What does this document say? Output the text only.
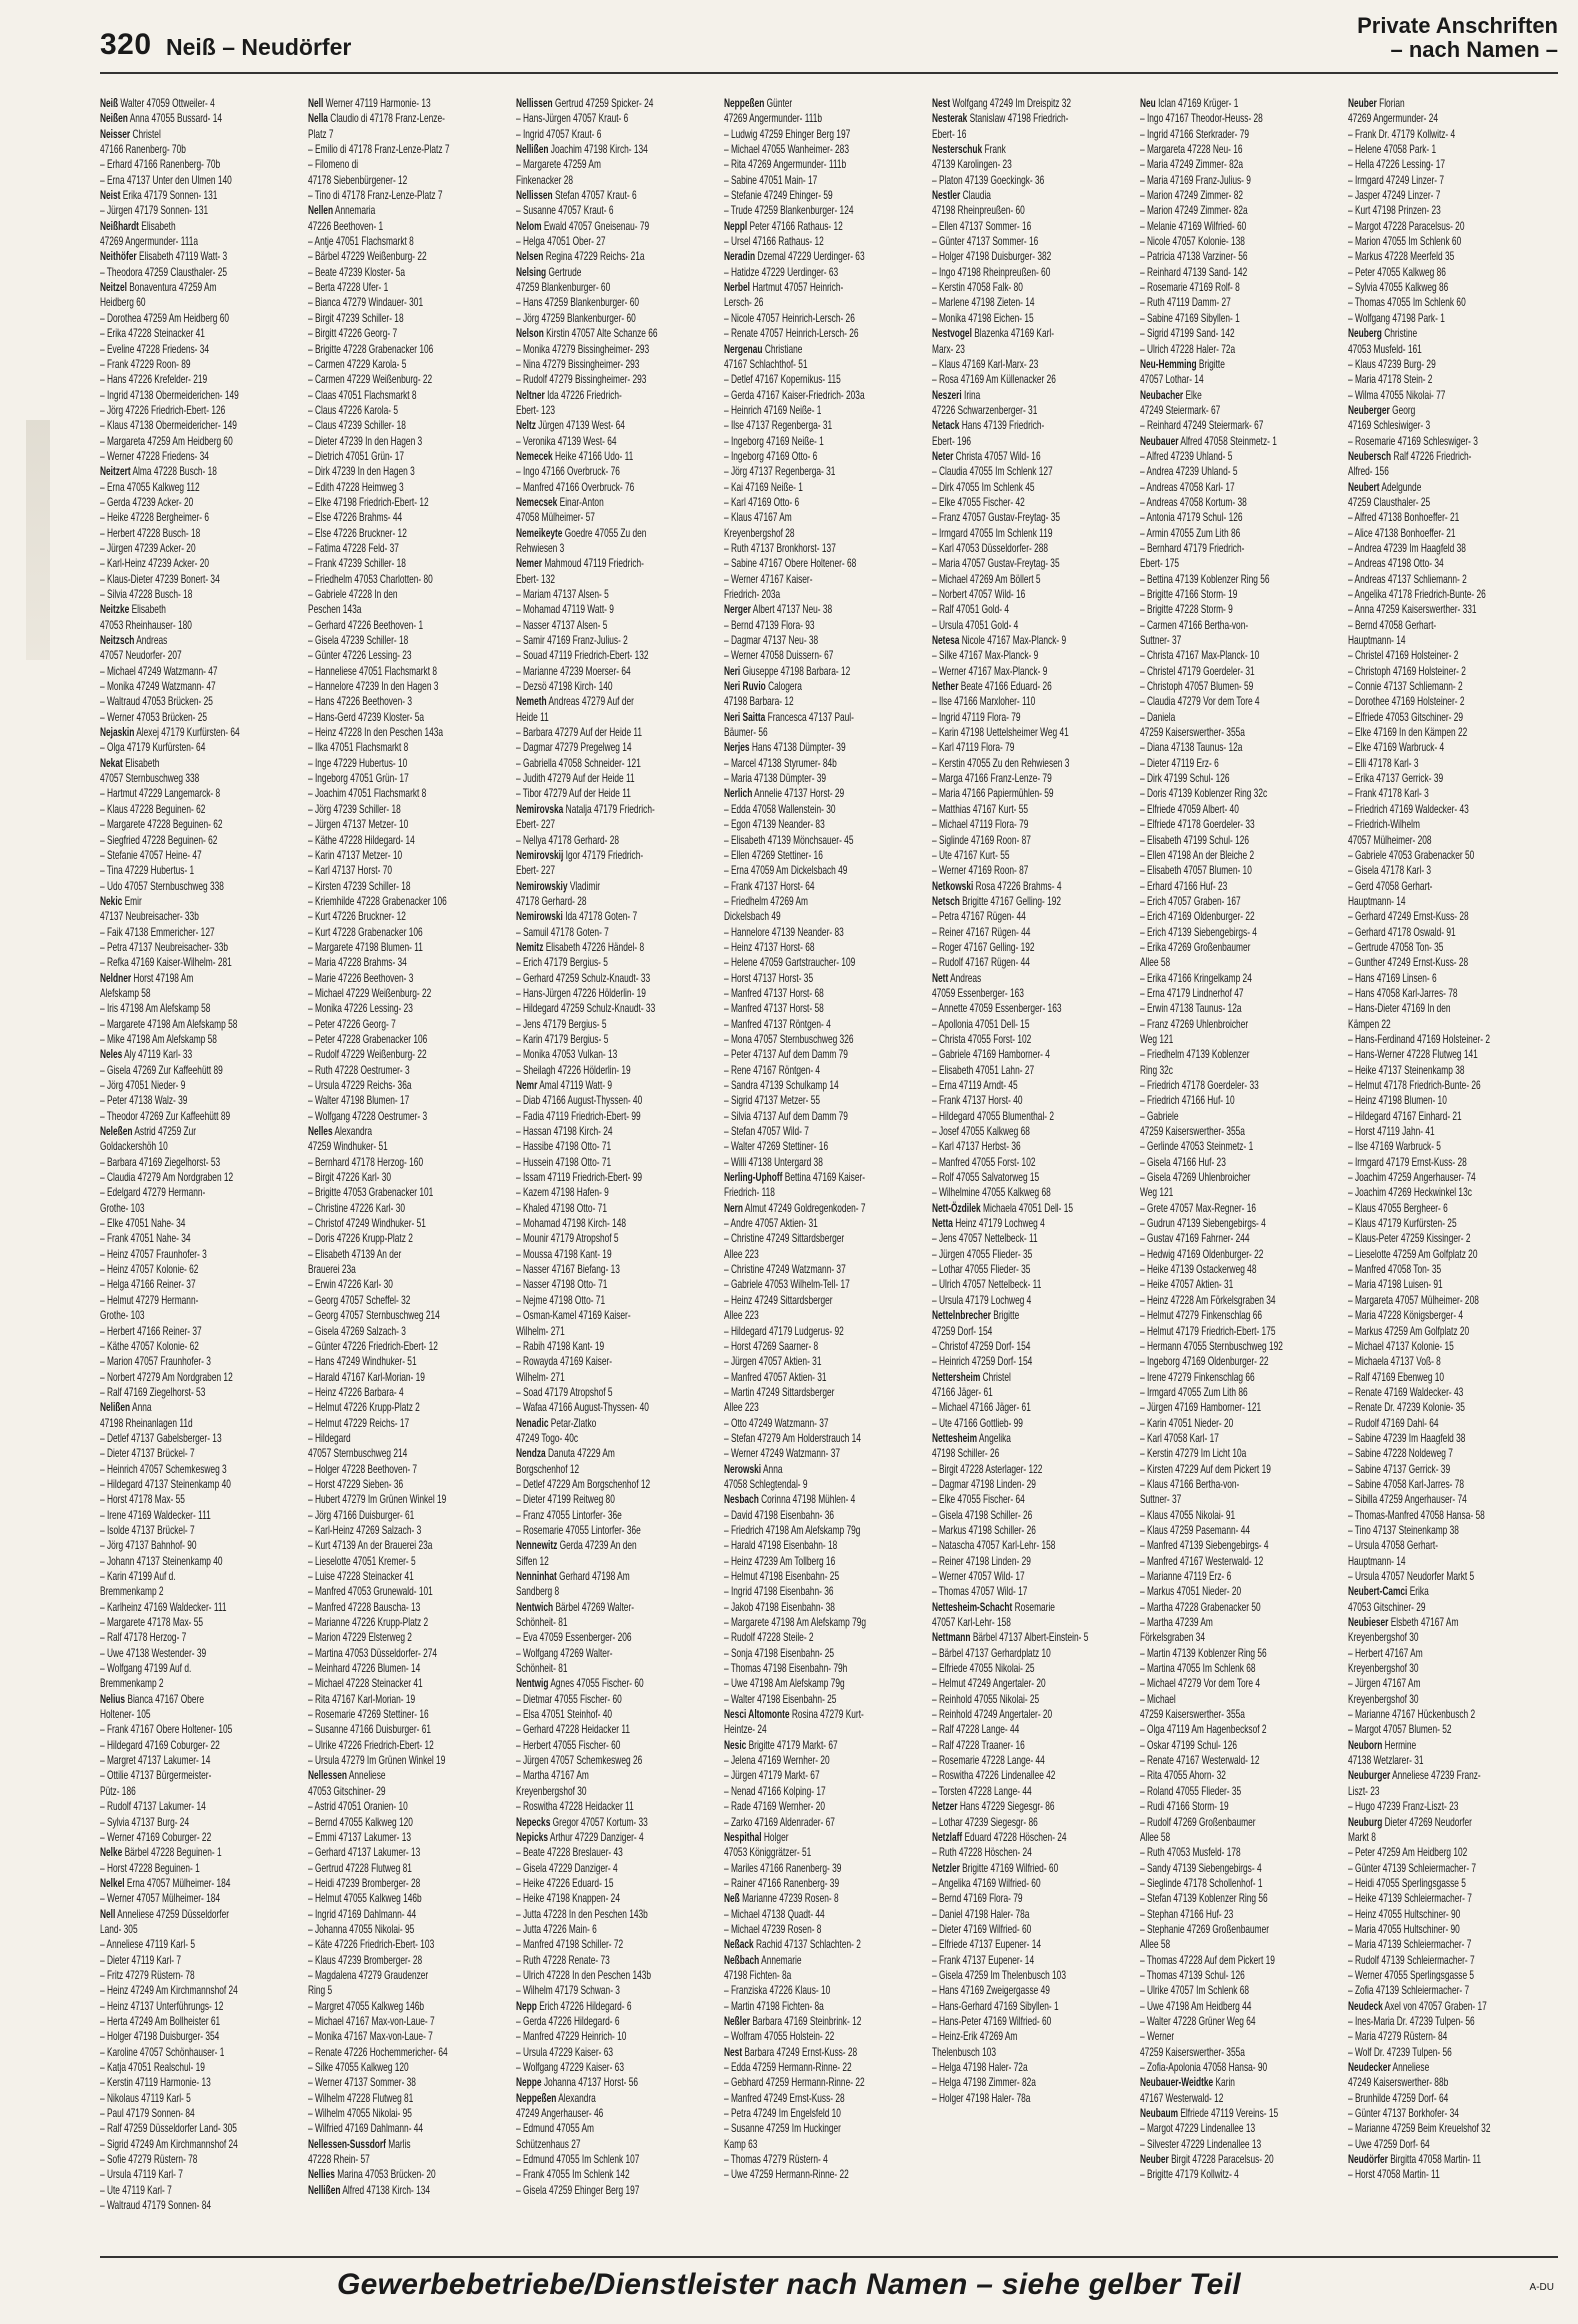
320 Neiß – Neudörfer
Private Anschriften
– nach Namen –
Neiß Walter 47059 Ottweiler- 4
Neißen Anna 47055 Bussard- 14
Neisser Christel
47166 Ranenberg- 70b
– Erhard 47166 Ranenberg- 70b
– Erna 47137 Unter den Ulmen 140
Neist Erika 47179 Sonnen- 131
– Jürgen 47179 Sonnen- 131
Neißhardt Elisabeth
47269 Angermunder- 111a
Neithöfer Elisabeth 47119 Watt- 3
– Theodora 47259 Clausthaler- 25
Neitzel Bonaventura 47259 Am
Heidberg 60
– Dorothea 47259 Am Heidberg 60
– Erika 47228 Steinacker 41
– Eveline 47228 Friedens- 34
– Frank 47229 Roon- 89
– Hans 47226 Krefelder- 219
– Ingrid 47138 Obermeiderichen- 149
– Jörg 47226 Friedrich-Ebert- 126
– Klaus 47138 Obermeidericher- 149
– Margareta 47259 Am Heidberg 60
– Werner 47228 Friedens- 34
Neitzert Alma 47228 Busch- 18
– Erna 47055 Kalkweg 112
– Gerda 47239 Acker- 20
– Heike 47228 Bergheimer- 6
– Herbert 47228 Busch- 18
– Jürgen 47239 Acker- 20
– Karl-Heinz 47239 Acker- 20
– Klaus-Dieter 47239 Bonert- 34
– Silvia 47228 Busch- 18
Neitzke Elisabeth
47053 Rheinhauser- 180
Neitzsch Andreas
47057 Neudorfer- 207
– Michael 47249 Watzmann- 47
– Monika 47249 Watzmann- 47
– Waltraud 47053 Brücken- 25
– Werner 47053 Brücken- 25
Nejaskin Alexej 47179 Kurfürsten- 64
– Olga 47179 Kurfürsten- 64
Nekat Elisabeth
47057 Sternbuschweg 338
– Hartmut 47229 Langemarck- 8
– Klaus 47228 Beguinen- 62
– Margarete 47228 Beguinen- 62
– Siegfried 47228 Beguinen- 62
– Stefanie 47057 Heine- 47
– Tina 47229 Hubertus- 1
– Udo 47057 Sternbuschweg 338
Nekic Emir
47137 Neubreisacher- 33b
– Faik 47138 Emmericher- 127
– Petra 47137 Neubreisacher- 33b
– Refka 47169 Kaiser-Wilhelm- 281
Neldner Horst 47198 Am
Alefskamp 58
– Iris 47198 Am Alefskamp 58
– Margarete 47198 Am Alefskamp 58
– Mike 47198 Am Alefskamp 58
Neles Aly 47119 Karl- 33
– Gisela 47269 Zur Kaffeehütt 89
– Jörg 47051 Nieder- 9
– Peter 47138 Walz- 39
– Theodor 47269 Zur Kaffeehütt 89
Neleßen Astrid 47259 Zur
Goldackershöh 10
– Barbara 47169 Ziegelhorst- 53
– Claudia 47279 Am Nordgraben 12
– Edelgard 47279 Hermann-
Grothe- 103
– Elke 47051 Nahe- 34
– Frank 47051 Nahe- 34
– Heinz 47057 Fraunhofer- 3
– Heinz 47057 Kolonie- 62
– Helga 47166 Reiner- 37
– Helmut 47279 Hermann-
Grothe- 103
– Herbert 47166 Reiner- 37
– Käthe 47057 Kolonie- 62
– Marion 47057 Fraunhofer- 3
– Norbert 47279 Am Nordgraben 12
– Ralf 47169 Ziegelhorst- 53
Nelißen Anna
47198 Rheinanlagen 11d
– Detlef 47137 Gabelsberger- 13
– Dieter 47137 Brückel- 7
– Heinrich 47057 Schemkesweg 3
– Hildegard 47137 Steinenkamp 40
– Horst 47178 Max- 55
– Irene 47169 Waldecker- 111
– Isolde 47137 Brückel- 7
– Jörg 47137 Bahnhof- 90
– Johann 47137 Steinenkamp 40
– Karin 47199 Auf d.
Bremmenkamp 2
– Karlheinz 47169 Waldecker- 111
– Margarete 47178 Max- 55
– Ralf 47178 Herzog- 7
– Uwe 47138 Westender- 39
– Wolfgang 47199 Auf d.
Bremmenkamp 2
Nelius Bianca 47167 Obere
Holtener- 105
– Frank 47167 Obere Holtener- 105
– Hildegard 47169 Coburger- 22
– Margret 47137 Lakumer- 14
– Ottilie 47137 Bürgermeister-
Pütz- 186
– Rudolf 47137 Lakumer- 14
– Sylvia 47137 Burg- 24
– Werner 47169 Coburger- 22
Nelke Bärbel 47228 Beguinen- 1
– Horst 47228 Beguinen- 1
Nelkel Erna 47057 Mülheimer- 184
– Werner 47057 Mülheimer- 184
Nell Anneliese 47259 Düsseldorfer
Land- 305
– Anneliese 47119 Karl- 5
– Dieter 47119 Karl- 7
– Fritz 47279 Rüstern- 78
– Heinz 47249 Am Kirchmannshof 24
– Heinz 47137 Unterführungs- 12
– Herta 47249 Am Bollheister 61
– Holger 47198 Duisburger- 354
– Karoline 47057 Schönhauser- 1
– Katja 47051 Realschul- 19
– Kerstin 47119 Harmonie- 13
– Nikolaus 47119 Karl- 5
– Paul 47179 Sonnen- 84
– Ralf 47259 Düsseldorfer Land- 305
– Sigrid 47249 Am Kirchmannshof 24
– Sofie 47279 Rüstern- 78
– Ursula 47119 Karl- 7
– Ute 47119 Karl- 7
– Waltraud 47179 Sonnen- 84
Nell Werner 47119 Harmonie- 13
Nella Claudio di 47178 Franz-Lenze-
Platz 7
– Emilio di 47178 Franz-Lenze-Platz 7
– Filomeno di
47178 Siebenbürgener- 12
– Tino di 47178 Franz-Lenze-Platz 7
Nellen Annemaria
47226 Beethoven- 1
– Antje 47051 Flachsmarkt 8
– Bärbel 47229 Weißenburg- 22
– Beate 47239 Kloster- 5a
– Berta 47228 Ufer- 1
– Bianca 47279 Windauer- 301
– Birgit 47239 Schiller- 18
– Birgitt 47226 Georg- 7
– Brigitte 47228 Grabenacker 106
– Carmen 47229 Karola- 5
– Carmen 47229 Weißenburg- 22
– Claas 47051 Flachsmarkt 8
– Claus 47226 Karola- 5
– Claus 47239 Schiller- 18
– Dieter 47239 In den Hagen 3
– Dietrich 47051 Grün- 17
– Dirk 47239 In den Hagen 3
– Edith 47228 Heimweg 3
– Elke 47198 Friedrich-Ebert- 12
– Else 47226 Brahms- 44
– Else 47226 Bruckner- 12
– Fatima 47228 Feld- 37
– Frank 47239 Schiller- 18
– Friedhelm 47053 Charlotten- 80
– Gabriele 47228 In den
Peschen 143a
– Gerhard 47226 Beethoven- 1
– Gisela 47239 Schiller- 18
– Günter 47226 Lessing- 23
– Hanneliese 47051 Flachsmarkt 8
– Hannelore 47239 In den Hagen 3
– Hans 47226 Beethoven- 3
– Hans-Gerd 47239 Kloster- 5a
– Heinz 47228 In den Peschen 143a
– Ilka 47051 Flachsmarkt 8
– Inge 47229 Hubertus- 10
– Ingeborg 47051 Grün- 17
– Joachim 47051 Flachsmarkt 8
– Jörg 47239 Schiller- 18
– Jürgen 47137 Metzer- 10
– Käthe 47228 Hildegard- 14
– Karin 47137 Metzer- 10
– Karl 47137 Horst- 70
– Kirsten 47239 Schiller- 18
– Kriemhilde 47228 Grabenacker 106
– Kurt 47226 Bruckner- 12
– Kurt 47228 Grabenacker 106
– Margarete 47198 Blumen- 11
– Maria 47228 Brahms- 34
– Marie 47226 Beethoven- 3
– Michael 47229 Weißenburg- 22
– Monika 47226 Lessing- 23
– Peter 47226 Georg- 7
– Peter 47228 Grabenacker 106
– Rudolf 47229 Weißenburg- 22
– Ruth 47228 Oestrumer- 3
– Ursula 47229 Reichs- 36a
– Walter 47198 Blumen- 17
– Wolfgang 47228 Oestrumer- 3
Nelles Alexandra
47259 Windhuker- 51
– Bernhard 47178 Herzog- 160
– Birgit 47226 Karl- 30
– Brigitte 47053 Grabenacker 101
– Christine 47226 Karl- 30
– Christof 47249 Windhuker- 51
– Doris 47226 Krupp-Platz 2
– Elisabeth 47139 An der
Brauerei 23a
– Erwin 47226 Karl- 30
– Georg 47057 Scheffel- 32
– Georg 47057 Sternbuschweg 214
– Gisela 47269 Salzach- 3
– Günter 47226 Friedrich-Ebert- 12
– Hans 47249 Windhuker- 51
– Harald 47167 Karl-Morian- 19
– Heinz 47226 Barbara- 4
– Helmut 47226 Krupp-Platz 2
– Helmut 47229 Reichs- 17
– Hildegard
47057 Sternbuschweg 214
– Holger 47228 Beethoven- 7
– Horst 47229 Sieben- 36
– Hubert 47279 Im Grünen Winkel 19
– Jörg 47166 Duisburger- 61
– Karl-Heinz 47269 Salzach- 3
– Kurt 47139 An der Brauerei 23a
– Lieselotte 47051 Kremer- 5
– Luise 47228 Steinacker 41
– Manfred 47053 Grunewald- 101
– Manfred 47228 Bauscha- 13
– Marianne 47226 Krupp-Platz 2
– Marion 47229 Elsterweg 2
– Martina 47053 Düsseldorfer- 274
– Meinhard 47226 Blumen- 14
– Michael 47228 Steinacker 41
– Rita 47167 Karl-Morian- 19
– Rosemarie 47269 Stettiner- 16
– Susanne 47166 Duisburger- 61
– Ulrike 47226 Friedrich-Ebert- 12
– Ursula 47279 Im Grünen Winkel 19
Nellessen Anneliese
47053 Gitschiner- 29
– Astrid 47051 Oranien- 10
– Bernd 47055 Kalkweg 120
– Emmi 47137 Lakumer- 13
– Gerhard 47137 Lakumer- 13
– Gertrud 47228 Flutweg 81
– Heidi 47239 Bromberger- 28
– Helmut 47055 Kalkweg 146b
– Ingrid 47169 Dahlmann- 44
– Johanna 47055 Nikolai- 95
– Käte 47226 Friedrich-Ebert- 103
– Klaus 47239 Bromberger- 28
– Magdalena 47279 Graudenzer
Ring 5
– Margret 47055 Kalkweg 146b
– Michael 47167 Max-von-Laue- 7
– Monika 47167 Max-von-Laue- 7
– Renate 47226 Hochemmericher- 64
– Silke 47055 Kalkweg 120
– Werner 47137 Sommer- 38
– Wilhelm 47228 Flutweg 81
– Wilhelm 47055 Nikolai- 95
– Wilfried 47169 Dahlmann- 44
Nellessen-Sussdorf Marlis
47228 Rhein- 57
Nellies Marina 47053 Brücken- 20
Nellißen Alfred 47138 Kirch- 134
Nellissen Gertrud 47259 Spicker- 24
– Hans-Jürgen 47057 Kraut- 6
– Ingrid 47057 Kraut- 6
Nellißen Joachim 47198 Kirch- 134
– Margarete 47259 Am
Finkenacker 28
Nellissen Stefan 47057 Kraut- 6
– Susanne 47057 Kraut- 6
Nelom Ewald 47057 Gneisenau- 79
– Helga 47051 Ober- 27
Nelsen Regina 47229 Reichs- 21a
Nelsing Gertrude
47259 Blankenburger- 60
– Hans 47259 Blankenburger- 60
– Jörg 47259 Blankenburger- 60
Nelson Kirstin 47057 Alte Schanze 66
– Monika 47279 Bissingheimer- 293
– Nina 47279 Bissingheimer- 293
– Rudolf 47279 Bissingheimer- 293
Neltner Ida 47226 Friedrich-
Ebert- 123
Neltz Jürgen 47139 West- 64
– Veronika 47139 West- 64
Nemecek Heike 47166 Udo- 11
– Ingo 47166 Overbruck- 76
– Manfred 47166 Overbruck- 76
Nemecsek Einar-Anton
47058 Mülheimer- 57
Nemeikeyte Goedre 47055 Zu den
Rehwiesen 3
Nemer Mahmoud 47119 Friedrich-
Ebert- 132
– Mariam 47137 Alsen- 5
– Mohamad 47119 Watt- 9
– Nasser 47137 Alsen- 5
– Samir 47169 Franz-Julius- 2
– Souad 47119 Friedrich-Ebert- 132
– Marianne 47239 Moerser- 64
– Dezsö 47198 Kirch- 140
Nemeth Andreas 47279 Auf der
Heide 11
– Barbara 47279 Auf der Heide 11
– Dagmar 47279 Pregelweg 14
– Gabriella 47058 Schneider- 121
– Judith 47279 Auf der Heide 11
– Tibor 47279 Auf der Heide 11
Nemirovska Natalja 47179 Friedrich-
Ebert- 227
– Nellya 47178 Gerhard- 28
Nemirovskij Igor 47179 Friedrich-
Ebert- 227
Nemirowskiy Vladimir
47178 Gerhard- 28
Nemirowski Ida 47178 Goten- 7
– Samuil 47178 Goten- 7
Nemitz Elisabeth 47226 Händel- 8
– Erich 47179 Bergius- 5
– Gerhard 47259 Schulz-Knaudt- 33
– Hans-Jürgen 47226 Hölderlin- 19
– Hildegard 47259 Schulz-Knaudt- 33
– Jens 47179 Bergius- 5
– Karin 47179 Bergius- 5
– Monika 47053 Vulkan- 13
– Sheilagh 47226 Hölderlin- 19
Nemr Amal 47119 Watt- 9
– Diab 47166 August-Thyssen- 40
– Fadia 47119 Friedrich-Ebert- 99
– Hassan 47198 Kirch- 24
– Hassibe 47198 Otto- 71
– Hussein 47198 Otto- 71
– Issam 47119 Friedrich-Ebert- 99
– Kazem 47198 Hafen- 9
– Khaled 47198 Otto- 71
– Mohamad 47198 Kirch- 148
– Mounir 47179 Atropshof 5
– Moussa 47198 Kant- 19
– Nasser 47167 Biefang- 13
– Nasser 47198 Otto- 71
– Nejme 47198 Otto- 71
– Osman-Kamel 47169 Kaiser-
Wilhelm- 271
– Rabih 47198 Kant- 19
– Rowayda 47169 Kaiser-
Wilhelm- 271
– Soad 47179 Atropshof 5
– Wafaa 47166 August-Thyssen- 40
Nenadic Petar-Zlatko
47249 Togo- 40c
Nendza Danuta 47229 Am
Borgschenhof 12
– Detlef 47229 Am Borgschenhof 12
– Dieter 47199 Reitweg 80
– Franz 47055 Lintorfer- 36e
– Rosemarie 47055 Lintorfer- 36e
Nennewitz Gerda 47239 An den
Siffen 12
Nenninhat Gerhard 47198 Am
Sandberg 8
Nentwich Bärbel 47269 Walter-
Schönheit- 81
– Eva 47059 Essenberger- 206
– Wolfgang 47269 Walter-
Schönheit- 81
Nentwig Agnes 47055 Fischer- 60
– Dietmar 47055 Fischer- 60
– Elsa 47051 Steinhof- 40
– Gerhard 47228 Heidacker 11
– Herbert 47055 Fischer- 60
– Jürgen 47057 Schemkesweg 26
– Martha 47167 Am
Kreyenbergshof 30
– Roswitha 47228 Heidacker 11
Nepecks Gregor 47057 Kortum- 33
Nepicks Arthur 47229 Danziger- 4
– Beate 47228 Breslauer- 43
– Gisela 47229 Danziger- 4
– Heike 47226 Eduard- 15
– Heike 47198 Knappen- 24
– Jutta 47228 In den Peschen 143b
– Jutta 47226 Main- 6
– Manfred 47198 Schiller- 72
– Ruth 47228 Renate- 73
– Ulrich 47228 In den Peschen 143b
– Wilhelm 47179 Schwan- 3
Nepp Erich 47226 Hildegard- 6
– Gerda 47226 Hildegard- 6
– Manfred 47229 Heinrich- 10
– Ursula 47229 Kaiser- 63
– Wolfgang 47229 Kaiser- 63
Neppe Johanna 47137 Horst- 56
Neppeßen Alexandra
47249 Angerhauser- 46
– Edmund 47055 Am
Schützenhaus 27
– Edmund 47055 Im Schlenk 107
– Frank 47055 Im Schlenk 142
– Gisela 47259 Ehinger Berg 197
Neppeßen Günter
47269 Angermunder- 111b
– Ludwig 47259 Ehinger Berg 197
– Michael 47055 Wanheimer- 283
– Rita 47269 Angermunder- 111b
– Sabine 47051 Main- 17
– Stefanie 47249 Ehinger- 59
– Trude 47259 Blankenburger- 124
Neppl Peter 47166 Rathaus- 12
– Ursel 47166 Rathaus- 12
Neradin Dzemal 47229 Uerdinger- 63
– Hatidze 47229 Uerdinger- 63
Nerbel Hartmut 47057 Heinrich-
Lersch- 26
– Nicole 47057 Heinrich-Lersch- 26
– Renate 47057 Heinrich-Lersch- 26
Nergenau Christiane
47167 Schlachthof- 51
– Detlef 47167 Kopernikus- 115
– Gerda 47167 Kaiser-Friedrich- 203a
– Heinrich 47169 Neiße- 1
– Ilse 47137 Regenberga- 31
– Ingeborg 47169 Neiße- 1
– Ingeborg 47169 Otto- 6
– Jörg 47137 Regenberga- 31
– Kai 47169 Neiße- 1
– Karl 47169 Otto- 6
– Klaus 47167 Am
Kreyenbergshof 28
– Ruth 47137 Bronkhorst- 137
– Sabine 47167 Obere Holtener- 68
– Werner 47167 Kaiser-
Friedrich- 203a
Nerger Albert 47137 Neu- 38
– Bernd 47139 Flora- 93
– Dagmar 47137 Neu- 38
– Werner 47058 Duissern- 67
Neri Giuseppe 47198 Barbara- 12
Neri Ruvio Calogera
47198 Barbara- 12
Neri Saitta Francesca 47137 Paul-
Bäumer- 56
Nerjes Hans 47138 Dümpter- 39
– Marcel 47138 Styrumer- 84b
– Maria 47138 Dümpter- 39
Nerlich Annelie 47137 Horst- 29
– Edda 47058 Wallenstein- 30
– Egon 47139 Neander- 83
– Elisabeth 47139 Mönchsauer- 45
– Ellen 47269 Stettiner- 16
– Erna 47059 Am Dickelsbach 49
– Frank 47137 Horst- 64
– Friedhelm 47269 Am
Dickelsbach 49
– Hannelore 47139 Neander- 83
– Heinz 47137 Horst- 68
– Helene 47059 Gartstraucher- 109
– Horst 47137 Horst- 35
– Manfred 47137 Horst- 68
– Manfred 47137 Horst- 58
– Manfred 47137 Röntgen- 4
– Mona 47057 Sternbuschweg 326
– Peter 47137 Auf dem Damm 79
– Rene 47167 Röntgen- 4
– Sandra 47139 Schulkamp 14
– Sigrid 47137 Metzer- 55
– Silvia 47137 Auf dem Damm 79
– Stefan 47057 Wild- 7
– Walter 47269 Stettiner- 16
– Willi 47138 Untergard 38
Nerling-Uphoff Bettina 47169 Kaiser-
Friedrich- 118
Nern Almut 47249 Goldregenkoden- 7
– Andre 47057 Aktien- 31
– Christine 47249 Sittardsberger
Allee 223
– Christine 47249 Watzmann- 37
– Gabriele 47053 Wilhelm-Tell- 17
– Heinz 47249 Sittardsberger
Allee 223
– Hildegard 47179 Ludgerus- 92
– Horst 47269 Saarner- 8
– Jürgen 47057 Aktien- 31
– Manfred 47057 Aktien- 31
– Martin 47249 Sittardsberger
Allee 223
– Otto 47249 Watzmann- 37
– Stefan 47279 Am Holderstrauch 14
– Werner 47249 Watzmann- 37
Nerowski Anna
47058 Schlegtendal- 9
Nesbach Corinna 47198 Mühlen- 4
– David 47198 Eisenbahn- 36
– Friedrich 47198 Am Alefskamp 79g
– Harald 47198 Eisenbahn- 18
– Heinz 47239 Am Tollberg 16
– Helmut 47198 Eisenbahn- 25
– Ingrid 47198 Eisenbahn- 36
– Jakob 47198 Eisenbahn- 38
– Margarete 47198 Am Alefskamp 79g
– Rudolf 47228 Steile- 2
– Sonja 47198 Eisenbahn- 25
– Thomas 47198 Eisenbahn- 79h
– Uwe 47198 Am Alefskamp 79g
– Walter 47198 Eisenbahn- 25
Nesci Altomonte Rosina 47279 Kurt-
Heintze- 24
Nesic Brigitte 47179 Markt- 67
– Jelena 47169 Wernher- 20
– Jürgen 47179 Markt- 67
– Nenad 47166 Kolping- 17
– Rade 47169 Wernher- 20
– Zarko 47169 Aldenrader- 67
Nespithal Holger
47053 Königgrätzer- 51
– Mariles 47166 Ranenberg- 39
– Rainer 47166 Ranenberg- 39
Neß Marianne 47239 Rosen- 8
– Michael 47138 Quadt- 44
– Michael 47239 Rosen- 8
Neßack Rachid 47137 Schlachten- 2
Neßbach Annemarie
47198 Fichten- 8a
– Franziska 47226 Klaus- 10
– Martin 47198 Fichten- 8a
Neßler Barbara 47169 Steinbrink- 12
– Wolfram 47055 Holstein- 22
Nest Barbara 47249 Ernst-Kuss- 28
– Edda 47259 Hermann-Rinne- 22
– Gebhard 47259 Hermann-Rinne- 22
– Manfred 47249 Ernst-Kuss- 28
– Petra 47249 Im Engelsfeld 10
– Susanne 47259 Im Huckinger
Kamp 63
– Thomas 47279 Rüstern- 4
– Uwe 47259 Hermann-Rinne- 22
Nest Wolfgang 47249 Im Dreispitz 32
Nesterak Stanislaw 47198 Friedrich-
Ebert- 16
Nesterschuk Frank
47139 Karolingen- 23
– Platon 47139 Goeckingk- 36
Nestler Claudia
47198 Rheinpreußen- 60
– Ellen 47137 Sommer- 16
– Günter 47137 Sommer- 16
– Holger 47198 Duisburger- 382
– Ingo 47198 Rheinpreußen- 60
– Kerstin 47058 Falk- 80
– Marlene 47198 Zieten- 14
– Monika 47198 Eichen- 15
Nestvogel Blazenka 47169 Karl-
Marx- 23
– Klaus 47169 Karl-Marx- 23
– Rosa 47169 Am Küllenacker 26
Neszeri Irina
47226 Schwarzenberger- 31
Netack Hans 47139 Friedrich-
Ebert- 196
Neter Christa 47057 Wild- 16
– Claudia 47055 Im Schlenk 127
– Dirk 47055 Im Schlenk 45
– Elke 47055 Fischer- 42
– Franz 47057 Gustav-Freytag- 35
– Irmgard 47055 Im Schlenk 119
– Karl 47053 Düsseldorfer- 288
– Maria 47057 Gustav-Freytag- 35
– Michael 47269 Am Böllert 5
– Norbert 47057 Wild- 16
– Ralf 47051 Gold- 4
– Ursula 47051 Gold- 4
Netesa Nicole 47167 Max-Planck- 9
– Silke 47167 Max-Planck- 9
– Werner 47167 Max-Planck- 9
Nether Beate 47166 Eduard- 26
– Ilse 47166 Marxloher- 110
– Ingrid 47119 Flora- 79
– Karin 47198 Uettelsheimer Weg 41
– Karl 47119 Flora- 79
– Kerstin 47055 Zu den Rehwiesen 3
– Marga 47166 Franz-Lenze- 79
– Maria 47166 Papiermühlen- 59
– Matthias 47167 Kurt- 55
– Michael 47119 Flora- 79
– Siglinde 47169 Roon- 87
– Ute 47167 Kurt- 55
– Werner 47169 Roon- 87
Netkowski Rosa 47226 Brahms- 4
Netsch Brigitte 47167 Gelling- 192
– Petra 47167 Rügen- 44
– Reiner 47167 Rügen- 44
– Roger 47167 Gelling- 192
– Rudolf 47167 Rügen- 44
Nett Andreas
47059 Essenberger- 163
– Annette 47059 Essenberger- 163
– Apollonia 47051 Dell- 15
– Christa 47055 Forst- 102
– Gabriele 47169 Hamborner- 4
– Elisabeth 47051 Lahn- 27
– Erna 47119 Arndt- 45
– Frank 47137 Horst- 40
– Hildegard 47055 Blumenthal- 2
– Josef 47055 Kalkweg 68
– Karl 47137 Herbst- 36
– Manfred 47055 Forst- 102
– Rolf 47055 Salvatorweg 15
– Wilhelmine 47055 Kalkweg 68
Nett-Özdilek Michaela 47051 Dell- 15
Netta Heinz 47179 Lochweg 4
– Jens 47057 Nettelbeck- 11
– Jürgen 47055 Flieder- 35
– Lothar 47055 Flieder- 35
– Ulrich 47057 Nettelbeck- 11
– Ursula 47179 Lochweg 4
Nettelnbrecher Brigitte
47259 Dorf- 154
– Christof 47259 Dorf- 154
– Heinrich 47259 Dorf- 154
Nettersheim Christel
47166 Jäger- 61
– Michael 47166 Jäger- 61
– Ute 47166 Gottlieb- 99
Nettesheim Angelika
47198 Schiller- 26
– Birgit 47228 Asterlager- 122
– Dagmar 47198 Linden- 29
– Elke 47055 Fischer- 64
– Gisela 47198 Schiller- 26
– Markus 47198 Schiller- 26
– Natascha 47057 Karl-Lehr- 158
– Reiner 47198 Linden- 29
– Werner 47057 Wild- 17
– Thomas 47057 Wild- 17
Nettesheim-Schacht Rosemarie
47057 Karl-Lehr- 158
Nettmann Bärbel 47137 Albert-Einstein- 5
– Bärbel 47137 Gerhardplatz 10
– Elfriede 47055 Nikolai- 25
– Helmut 47249 Angertaler- 20
– Reinhold 47055 Nikolai- 25
– Reinhold 47249 Angertaler- 20
– Ralf 47228 Lange- 44
– Ralf 47228 Traaner- 16
– Rosemarie 47228 Lange- 44
– Roswitha 47226 Lindenallee 42
– Torsten 47228 Lange- 44
Netzer Hans 47229 Siegesgr- 86
– Lothar 47239 Siegesgr- 86
Netzlaff Eduard 47228 Höschen- 24
– Ruth 47228 Höschen- 24
Netzler Brigitte 47169 Wilfried- 60
– Angelika 47169 Wilfried- 60
– Bernd 47169 Flora- 79
– Daniel 47198 Haler- 78a
– Dieter 47169 Wilfried- 60
– Elfriede 47137 Eupener- 14
– Frank 47137 Eupener- 14
– Gisela 47259 Im Thelenbusch 103
– Hans 47169 Zweigergasse 49
– Hans-Gerhard 47169 Sibyllen- 1
– Hans-Peter 47169 Wilfried- 60
– Heinz-Erik 47269 Am
Thelenbusch 103
– Helga 47198 Haler- 72a
– Helga 47198 Zimmer- 82a
– Holger 47198 Haler- 78a
Neu Iclan 47169 Krüger- 1
– Ingo 47167 Theodor-Heuss- 28
– Ingrid 47166 Sterkrader- 79
– Margareta 47228 Neu- 16
– Maria 47249 Zimmer- 82a
– Maria 47169 Franz-Julius- 9
– Marion 47249 Zimmer- 82
– Marion 47249 Zimmer- 82a
– Melanie 47169 Wilfried- 60
– Nicole 47057 Kolonie- 138
– Patricia 47138 Varziner- 56
– Reinhard 47139 Sand- 142
– Rosemarie 47169 Rolf- 8
– Ruth 47119 Damm- 27
– Sabine 47169 Sibyllen- 1
– Sigrid 47199 Sand- 142
– Ulrich 47228 Haler- 72a
Neu-Hemming Brigitte
47057 Lothar- 14
Neubacher Elke
47249 Steiermark- 67
– Reinhard 47249 Steiermark- 67
Neubauer Alfred 47058 Steinmetz- 1
– Alfred 47239 Uhland- 5
– Andrea 47239 Uhland- 5
– Andreas 47058 Karl- 17
– Andreas 47058 Kortum- 38
– Antonia 47179 Schul- 126
– Armin 47055 Zum Lith 86
– Bernhard 47179 Friedrich-
Ebert- 175
– Bettina 47139 Koblenzer Ring 56
– Brigitte 47166 Storm- 19
– Brigitte 47228 Storm- 9
– Carmen 47166 Bertha-von-
Suttner- 37
– Christa 47167 Max-Planck- 10
– Christel 47179 Goerdeler- 31
– Christoph 47057 Blumen- 59
– Claudia 47279 Vor dem Tore 4
– Daniela
47259 Kaiserswerther- 355a
– Diana 47138 Taunus- 12a
– Dieter 47119 Erz- 6
– Dirk 47199 Schul- 126
– Doris 47139 Koblenzer Ring 32c
– Elfriede 47059 Albert- 40
– Elfriede 47178 Goerdeler- 33
– Elisabeth 47199 Schul- 126
– Ellen 47198 An der Bleiche 2
– Elisabeth 47057 Blumen- 10
– Erhard 47166 Huf- 23
– Erich 47057 Graben- 167
– Erich 47169 Oldenburger- 22
– Erich 47139 Siebengebirgs- 4
– Erika 47269 Großenbaumer
Allee 58
– Erika 47166 Kringelkamp 24
– Erna 47179 Lindnerhof 47
– Erwin 47138 Taunus- 12a
– Franz 47269 Uhlenbroicher
Weg 121
– Friedhelm 47139 Koblenzer
Ring 32c
– Friedrich 47178 Goerdeler- 33
– Friedrich 47166 Huf- 10
– Gabriele
47259 Kaiserswerther- 355a
– Gerlinde 47053 Steinmetz- 1
– Gisela 47166 Huf- 23
– Gisela 47269 Uhlenbroicher
Weg 121
– Grete 47057 Max-Regner- 16
– Gudrun 47139 Siebengebirgs- 4
– Gustav 47169 Fahrner- 244
– Hedwig 47169 Oldenburger- 22
– Heike 47139 Ostackerweg 48
– Heike 47057 Aktien- 31
– Heinz 47228 Am Förkelsgraben 34
– Helmut 47279 Finkenschlag 66
– Helmut 47179 Friedrich-Ebert- 175
– Hermann 47055 Sternbuschweg 192
– Ingeborg 47169 Oldenburger- 22
– Irene 47279 Finkenschlag 66
– Irmgard 47055 Zum Lith 86
– Jürgen 47169 Hamborner- 121
– Karin 47051 Nieder- 20
– Karl 47058 Karl- 17
– Kerstin 47279 Im Licht 10a
– Kirsten 47229 Auf dem Pickert 19
– Klaus 47166 Bertha-von-
Suttner- 37
– Klaus 47055 Nikolai- 91
– Klaus 47259 Pasemann- 44
– Manfred 47139 Siebengebirgs- 4
– Manfred 47167 Westerwald- 12
– Marianne 47119 Erz- 6
– Markus 47051 Nieder- 20
– Martha 47228 Grabenacker 50
– Martha 47239 Am
Förkelsgraben 34
– Martin 47139 Koblenzer Ring 56
– Martina 47055 Im Schlenk 68
– Michael 47279 Vor dem Tore 4
– Michael
47259 Kaiserswerther- 355a
– Olga 47119 Am Hagenbecksof 2
– Oskar 47199 Schul- 126
– Renate 47167 Westerwald- 12
– Rita 47055 Ahorn- 32
– Roland 47055 Flieder- 35
– Rudi 47166 Storm- 19
– Rudolf 47269 Großenbaumer
Allee 58
– Ruth 47053 Musfeld- 178
– Sandy 47139 Siebengebirgs- 4
– Sieglinde 47178 Schollenhof- 1
– Stefan 47139 Koblenzer Ring 56
– Stephan 47166 Huf- 23
– Stephanie 47269 Großenbaumer
Allee 58
– Thomas 47228 Auf dem Pickert 19
– Thomas 47139 Schul- 126
– Ulrike 47057 Im Schlenk 68
– Uwe 47198 Am Heidberg 44
– Walter 47228 Grüner Weg 64
– Werner
47259 Kaiserswerther- 355a
– Zofia-Apolonia 47058 Hansa- 90
Neubauer-Weidtke Karin
47167 Westerwald- 12
Neubaum Elfriede 47119 Vereins- 15
– Margot 47229 Lindenallee 13
– Silvester 47229 Lindenallee 13
Neuber Birgit 47228 Paracelsus- 20
– Brigitte 47179 Kollwitz- 4
Neuber Florian
47269 Angermunder- 24
– Frank Dr. 47179 Kollwitz- 4
– Helene 47058 Park- 1
– Hella 47226 Lessing- 17
– Irmgard 47249 Linzer- 7
– Jasper 47249 Linzer- 7
– Kurt 47198 Prinzen- 23
– Margot 47228 Paracelsus- 20
– Marion 47055 Im Schlenk 60
– Markus 47228 Meerfeld 35
– Peter 47055 Kalkweg 86
– Sylvia 47055 Kalkweg 86
– Thomas 47055 Im Schlenk 60
– Wolfgang 47198 Park- 1
Neuberg Christine
47053 Musfeld- 161
– Klaus 47239 Burg- 29
– Maria 47178 Stein- 2
– Wilma 47055 Nikolai- 77
Neuberger Georg
47169 Schlesiwiger- 3
– Rosemarie 47169 Schleswiger- 3
Neubersch Ralf 47226 Friedrich-
Alfred- 156
Neubert Adelgunde
47259 Clausthaler- 25
– Alfred 47138 Bonhoeffer- 21
– Alice 47138 Bonhoeffer- 21
– Andrea 47239 Im Haagfeld 38
– Andreas 47198 Otto- 34
– Andreas 47137 Schliemann- 2
– Angelika 47178 Friedrich-Bunte- 26
– Anna 47259 Kaiserswerther- 331
– Bernd 47058 Gerhart-
Hauptmann- 14
– Christel 47169 Holsteiner- 2
– Christoph 47169 Holsteiner- 2
– Connie 47137 Schliemann- 2
– Dorothee 47169 Holsteiner- 2
– Elfriede 47053 Gitschiner- 29
– Elke 47169 In den Kämpen 22
– Elke 47169 Warbruck- 4
– Elli 47178 Karl- 3
– Erika 47137 Gerrick- 39
– Frank 47178 Karl- 3
– Friedrich 47169 Waldecker- 43
– Friedrich-Wilhelm
47057 Mülheimer- 208
– Gabriele 47053 Grabenacker 50
– Gisela 47178 Karl- 3
– Gerd 47058 Gerhart-
Hauptmann- 14
– Gerhard 47249 Ernst-Kuss- 28
– Gerhard 47178 Oswald- 91
– Gertrude 47058 Ton- 35
– Gunther 47249 Ernst-Kuss- 28
– Hans 47169 Linsen- 6
– Hans 47058 Karl-Jarres- 78
– Hans-Dieter 47169 In den
Kämpen 22
– Hans-Ferdinand 47169 Holsteiner- 2
– Hans-Werner 47228 Flutweg 141
– Heike 47137 Steinenkamp 38
– Helmut 47178 Friedrich-Bunte- 26
– Heinz 47198 Blumen- 10
– Hildegard 47167 Einhard- 21
– Horst 47119 Jahn- 41
– Ilse 47169 Warbruck- 5
– Irmgard 47179 Ernst-Kuss- 28
– Joachim 47259 Angerhauser- 74
– Joachim 47269 Heckwinkel 13c
– Klaus 47055 Bergheer- 6
– Klaus 47179 Kurfürsten- 25
– Klaus-Peter 47259 Kissinger- 2
– Lieselotte 47259 Am Golfplatz 20
– Manfred 47058 Ton- 35
– Maria 47198 Luisen- 91
– Margareta 47057 Mülheimer- 208
– Maria 47228 Königsberger- 4
– Markus 47259 Am Golfplatz 20
– Michael 47137 Kolonie- 15
– Michaela 47137 Voß- 8
– Ralf 47169 Ebenweg 10
– Renate 47169 Waldecker- 43
– Renate Dr. 47239 Kolonie- 35
– Rudolf 47169 Dahl- 64
– Sabine 47239 Im Haagfeld 38
– Sabine 47228 Noldeweg 7
– Sabine 47137 Gerrick- 39
– Sabine 47058 Karl-Jarres- 78
– Sibilla 47259 Angerhauser- 74
– Thomas-Manfred 47058 Hansa- 58
– Tino 47137 Steinenkamp 38
– Ursula 47058 Gerhart-
Hauptmann- 14
– Ursula 47057 Neudorfer Markt 5
Neubert-Camci Erika
47053 Gitschiner- 29
Neubieser Elsbeth 47167 Am
Kreyenbergshof 30
– Herbert 47167 Am
Kreyenbergshof 30
– Jürgen 47167 Am
Kreyenbergshof 30
– Marianne 47167 Hückenbusch 2
– Margot 47057 Blumen- 52
Neuborn Hermine
47138 Wetzlarer- 31
Neuburger Anneliese 47239 Franz-
Liszt- 23
– Hugo 47239 Franz-Liszt- 23
Neuburg Dieter 47269 Neudorfer
Markt 8
– Peter 47259 Am Heidberg 102
– Günter 47139 Schleiermacher- 7
– Heidi 47055 Sperlingsgasse 5
– Heike 47139 Schleiermacher- 7
– Heinz 47055 Hultschiner- 90
– Maria 47055 Hultschiner- 90
– Maria 47139 Schleiermacher- 7
– Rudolf 47139 Schleiermacher- 7
– Werner 47055 Sperlingsgasse 5
– Zofia 47139 Schleiermacher- 7
Neudeck Axel von 47057 Graben- 17
– Ines-Maria Dr. 47239 Tulpen- 56
– Maria 47279 Rüstern- 84
– Wolf Dr. 47239 Tulpen- 56
Neudecker Anneliese
47249 Kaiserswerther- 88b
– Brunhilde 47259 Dorf- 64
– Günter 47137 Borkhofer- 34
– Marianne 47259 Beim Kreuelshof 32
– Uwe 47259 Dorf- 64
Neudörfer Birgitta 47058 Martin- 11
– Horst 47058 Martin- 11
Gewerbebetriebe/Dienstleister nach Namen – siehe gelber Teil	A-DU
